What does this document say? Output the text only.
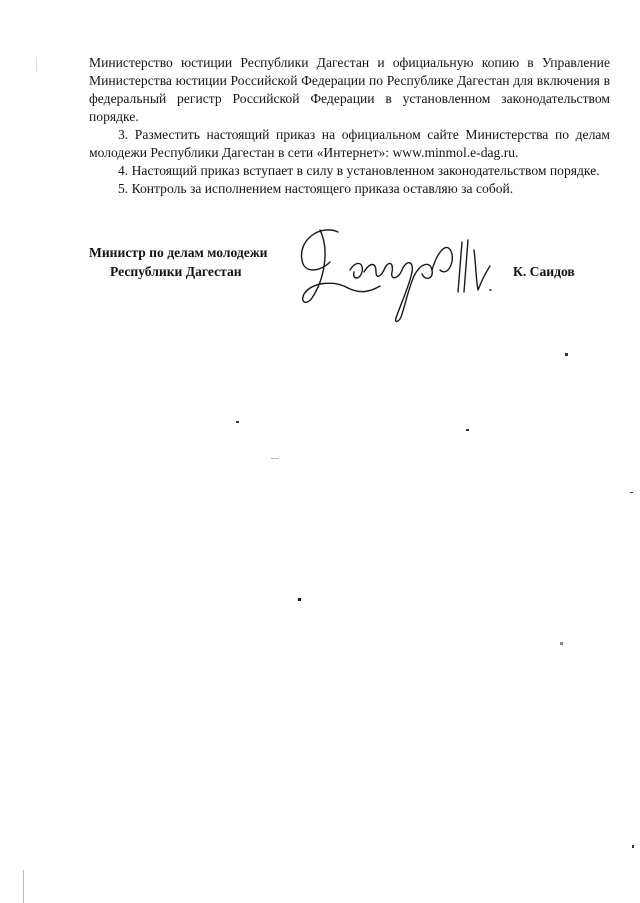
Министерство юстиции Республики Дагестан и официальную копию в Управление Министерства юстиции Российской Федерации по Республике Дагестан для включения в федеральный регистр Российской Федерации в установленном законодательством порядке.

3. Разместить настоящий приказ на официальном сайте Министерства по делам молодежи Республики Дагестан в сети «Интернет»: www.minmol.e-dag.ru.

4. Настоящий приказ вступает в силу в установленном законодательством порядке.

5. Контроль за исполнением настоящего приказа оставляю за собой.

Министр по делам молодежи
Республики Дагестан	К. Саидов
